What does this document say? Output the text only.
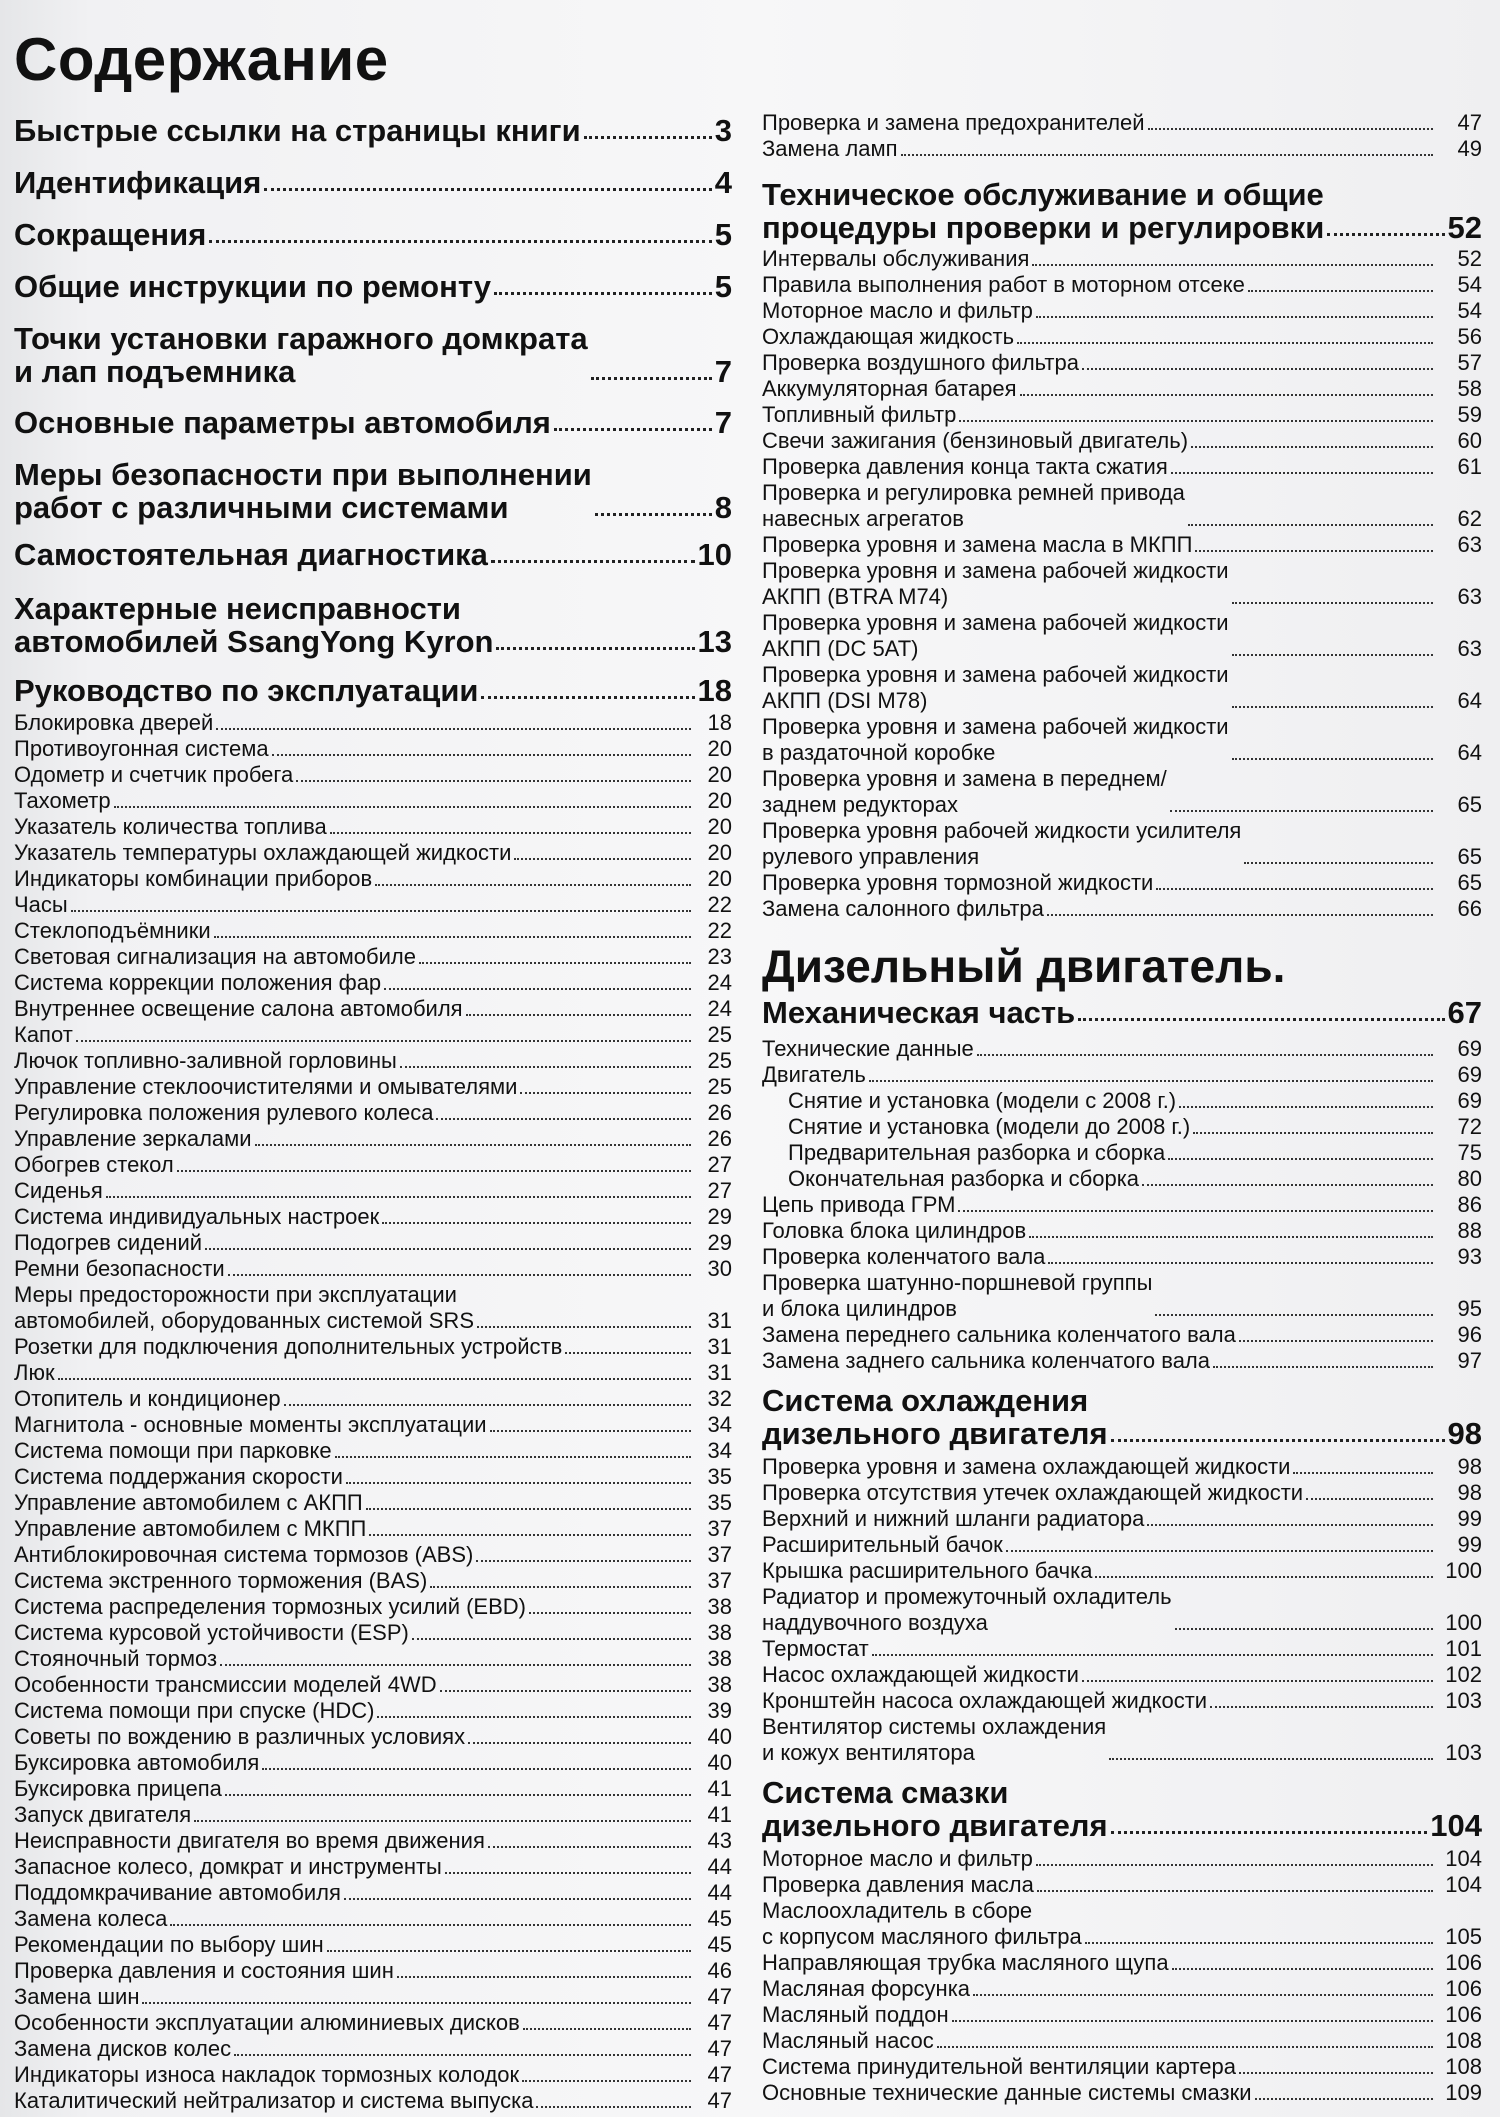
Содержание
Быстрые ссылки на страницы книги	3
Идентификация	4
Сокращения	5
Общие инструкции по ремонту	5
Точки установки гаражного домкрата
и лап подъемника	7
Основные параметры автомобиля	7
Меры безопасности при выполнении
работ с различными системами	8
Самостоятельная диагностика	10
Характерные неисправности
автомобилей SsangYong Kyron	13
Руководство по эксплуатации	18
Блокировка дверей	18
Противоугонная система	20
Одометр и счетчик пробега	20
Тахометр	20
Указатель количества топлива	20
Указатель температуры охлаждающей жидкости	20
Индикаторы комбинации приборов	20
Часы	22
Стеклоподъёмники	22
Световая сигнализация на автомобиле	23
Система коррекции положения фар	24
Внутреннее освещение салона автомобиля	24
Капот	25
Лючок топливно-заливной горловины	25
Управление стеклоочистителями и омывателями	25
Регулировка положения рулевого колеса	26
Управление зеркалами	26
Обогрев стекол	27
Сиденья	27
Система индивидуальных настроек	29
Подогрев сидений	29
Ремни безопасности	30
Меры предосторожности при эксплуатации
автомобилей, оборудованных системой SRS	31
Розетки для подключения дополнительных устройств	31
Люк	31
Отопитель и кондиционер	32
Магнитола - основные моменты эксплуатации	34
Система помощи при парковке	34
Система поддержания скорости	35
Управление автомобилем с АКПП	35
Управление автомобилем с МКПП	37
Антиблокировочная система тормозов (ABS)	37
Система экстренного торможения (BAS)	37
Система распределения тормозных усилий (EBD)	38
Система курсовой устойчивости (ESP)	38
Стояночный тормоз	38
Особенности трансмиссии моделей 4WD	38
Система помощи при спуске (HDC)	39
Советы по вождению в различных условиях	40
Буксировка автомобиля	40
Буксировка прицепа	41
Запуск двигателя	41
Неисправности двигателя во время движения	43
Запасное колесо, домкрат и инструменты	44
Поддомкрачивание автомобиля	44
Замена колеса	45
Рекомендации по выбору шин	45
Проверка давления и состояния шин	46
Замена шин	47
Особенности эксплуатации алюминиевых дисков	47
Замена дисков колес	47
Индикаторы износа накладок тормозных колодок	47
Каталитический нейтрализатор и система выпуска	47
Проверка и замена предохранителей	47
Замена ламп	49
Техническое обслуживание и общие
процедуры проверки и регулировки	52
Интервалы обслуживания	52
Правила выполнения работ в моторном отсеке	54
Моторное масло и фильтр	54
Охлаждающая жидкость	56
Проверка воздушного фильтра	57
Аккумуляторная батарея	58
Топливный фильтр	59
Свечи зажигания (бензиновый двигатель)	60
Проверка давления конца такта сжатия	61
Проверка и регулировка ремней привода
навесных агрегатов	62
Проверка уровня и замена масла в МКПП	63
Проверка уровня и замена рабочей жидкости
АКПП (BTRA M74)	63
Проверка уровня и замена рабочей жидкости
АКПП (DC 5AT)	63
Проверка уровня и замена рабочей жидкости
АКПП (DSI M78)	64
Проверка уровня и замена рабочей жидкости
в раздаточной коробке	64
Проверка уровня и замена в переднем/
заднем редукторах	65
Проверка уровня рабочей жидкости усилителя
рулевого управления	65
Проверка уровня тормозной жидкости	65
Замена салонного фильтра	66
Механическая часть	67
Технические данные	69
Двигатель	69
Снятие и установка (модели с 2008 г.)	69
Снятие и установка (модели до 2008 г.)	72
Предварительная разборка и сборка	75
Окончательная разборка и сборка	80
Цепь привода ГРМ	86
Головка блока цилиндров	88
Проверка коленчатого вала	93
Проверка шатунно-поршневой группы
и блока цилиндров	95
Замена переднего сальника коленчатого вала	96
Замена заднего сальника коленчатого вала	97
Система охлаждения
дизельного двигателя	98
Проверка уровня и замена охлаждающей жидкости	98
Проверка отсутствия утечек охлаждающей жидкости	98
Верхний и нижний шланги радиатора	99
Расширительный бачок	99
Крышка расширительного бачка	100
Радиатор и промежуточный охладитель
наддувочного воздуха	100
Термостат	101
Насос охлаждающей жидкости	102
Кронштейн насоса охлаждающей жидкости	103
Вентилятор системы охлаждения
и кожух вентилятора	103
Система смазки
дизельного двигателя	104
Моторное масло и фильтр	104
Проверка давления масла	104
Маслоохладитель в сборе
с корпусом масляного фильтра	105
Направляющая трубка масляного щупа	106
Масляная форсунка	106
Масляный поддон	106
Масляный насос	108
Система принудительной вентиляции картера	108
Основные технические данные системы смазки	109
Дизельный двигатель.
